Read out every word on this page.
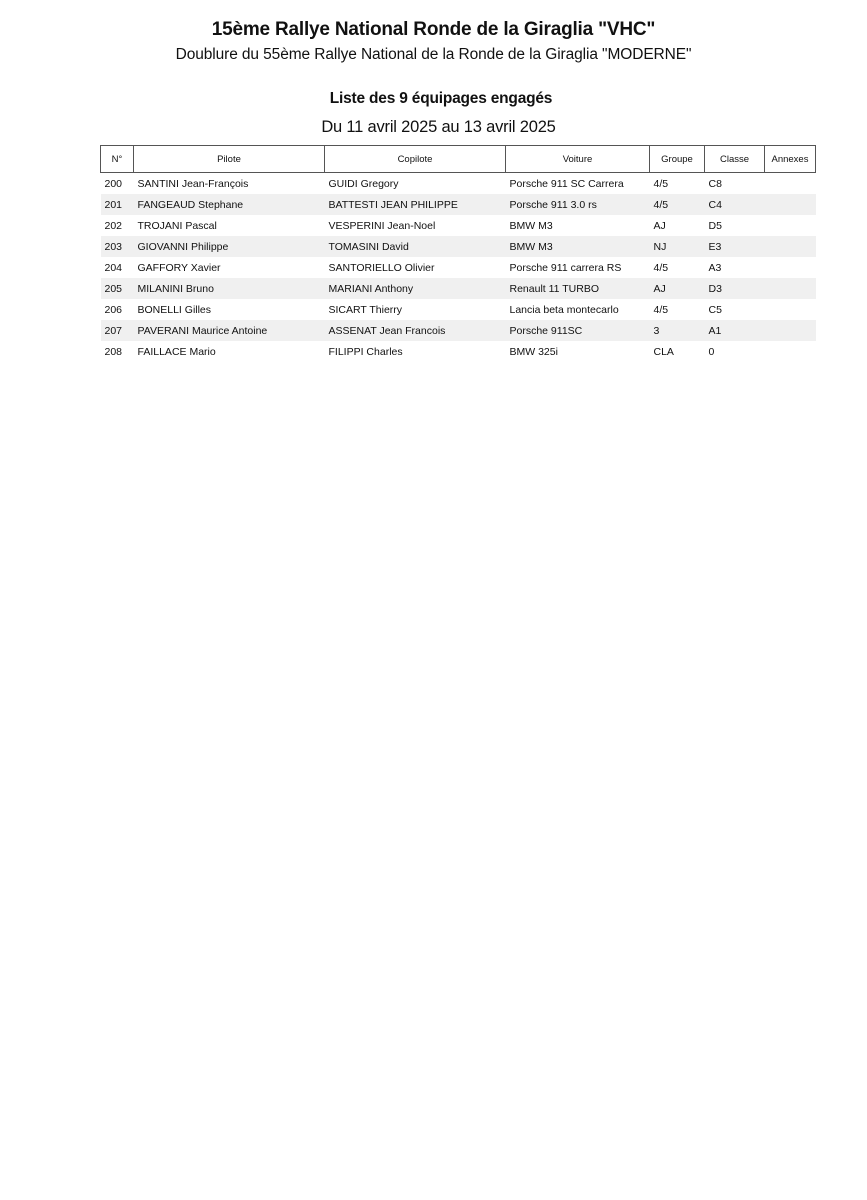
15ème Rallye National Ronde de la Giraglia "VHC"
Doublure du 55ème Rallye National de la Ronde de la Giraglia "MODERNE"
Liste des 9 équipages engagés
Du 11 avril 2025 au 13 avril 2025
N°	Pilote	Copilote	Voiture	Groupe	Classe	Annexes
200	SANTINI Jean-François	GUIDI Gregory	Porsche 911 SC Carrera	4/5	C8	
201	FANGEAUD Stephane	BATTESTI JEAN PHILIPPE	Porsche 911 3.0 rs	4/5	C4	
202	TROJANI Pascal	VESPERINI Jean-Noel	BMW M3	AJ	D5	
203	GIOVANNI Philippe	TOMASINI David	BMW M3	NJ	E3	
204	GAFFORY Xavier	SANTORIELLO Olivier	Porsche 911 carrera RS	4/5	A3	
205	MILANINI Bruno	MARIANI Anthony	Renault 11 TURBO	AJ	D3	
206	BONELLI Gilles	SICART Thierry	Lancia beta montecarlo	4/5	C5	
207	PAVERANI Maurice Antoine	ASSENAT Jean Francois	Porsche 911SC	3	A1	
208	FAILLACE Mario	FILIPPI Charles	BMW 325i	CLA	0	
